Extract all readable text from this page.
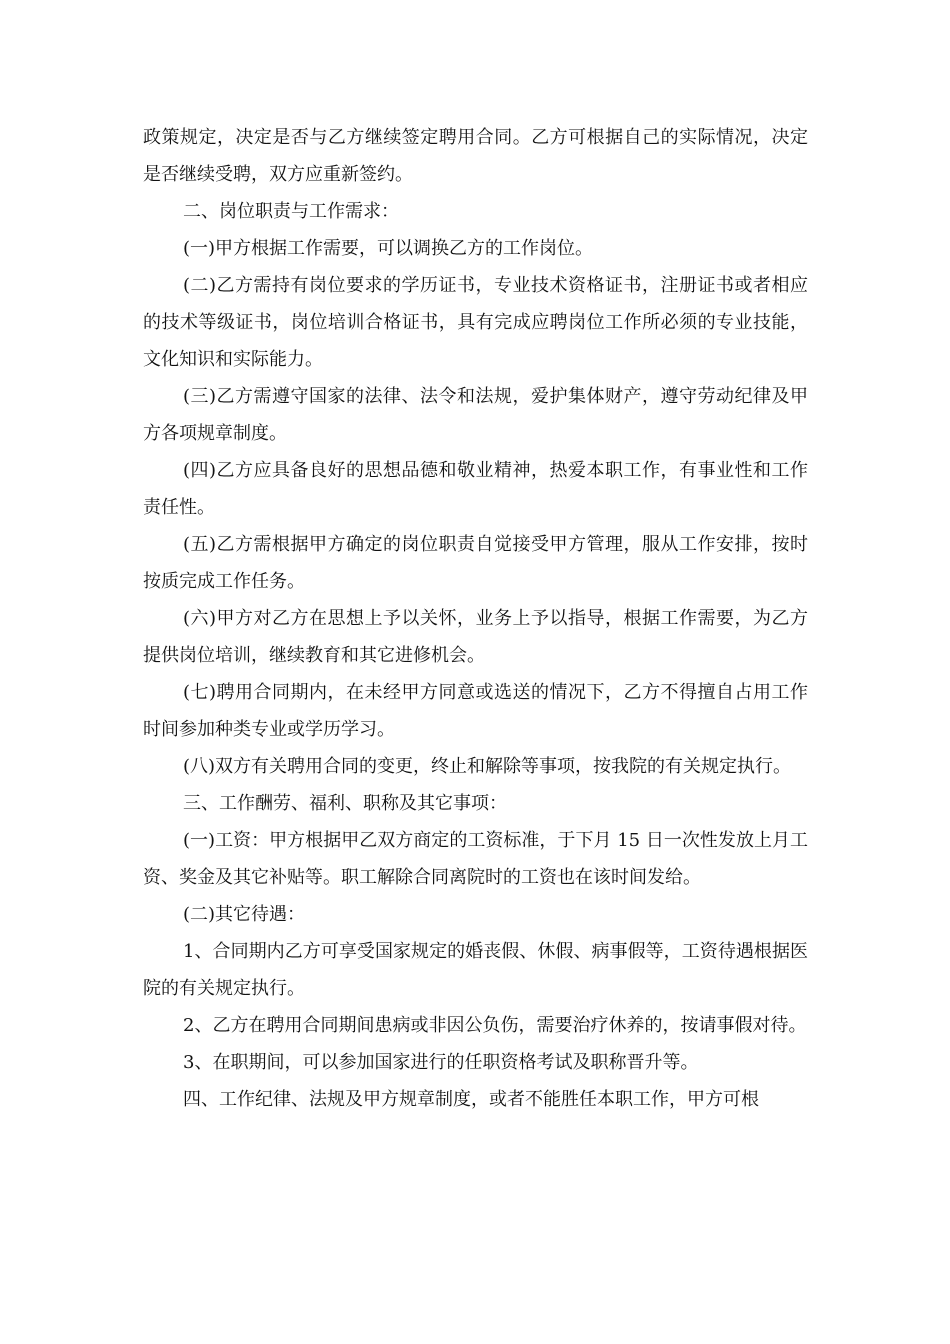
政策规定，决定是否与乙方继续签定聘用合同。乙方可根据自己的实际情况，决定是否继续受聘，双方应重新签约。

二、岗位职责与工作需求：

(一)甲方根据工作需要，可以调换乙方的工作岗位。

(二)乙方需持有岗位要求的学历证书，专业技术资格证书，注册证书或者相应的技术等级证书，岗位培训合格证书，具有完成应聘岗位工作所必须的专业技能，文化知识和实际能力。

(三)乙方需遵守国家的法律、法令和法规，爱护集体财产，遵守劳动纪律及甲方各项规章制度。

(四)乙方应具备良好的思想品德和敬业精神，热爱本职工作，有事业性和工作责任性。

(五)乙方需根据甲方确定的岗位职责自觉接受甲方管理，服从工作安排，按时按质完成工作任务。

(六)甲方对乙方在思想上予以关怀，业务上予以指导，根据工作需要，为乙方提供岗位培训，继续教育和其它进修机会。

(七)聘用合同期内，在未经甲方同意或选送的情况下，乙方不得擅自占用工作时间参加种类专业或学历学习。

(八)双方有关聘用合同的变更，终止和解除等事项，按我院的有关规定执行。

三、工作酬劳、福利、职称及其它事项：

(一)工资：甲方根据甲乙双方商定的工资标准，于下月 15 日一次性发放上月工资、奖金及其它补贴等。职工解除合同离院时的工资也在该时间发给。

(二)其它待遇：

1、合同期内乙方可享受国家规定的婚丧假、休假、病事假等，工资待遇根据医院的有关规定执行。

2、乙方在聘用合同期间患病或非因公负伤，需要治疗休养的，按请事假对待。

3、在职期间，可以参加国家进行的任职资格考试及职称晋升等。

四、工作纪律、法规及甲方规章制度，或者不能胜任本职工作，甲方可根
